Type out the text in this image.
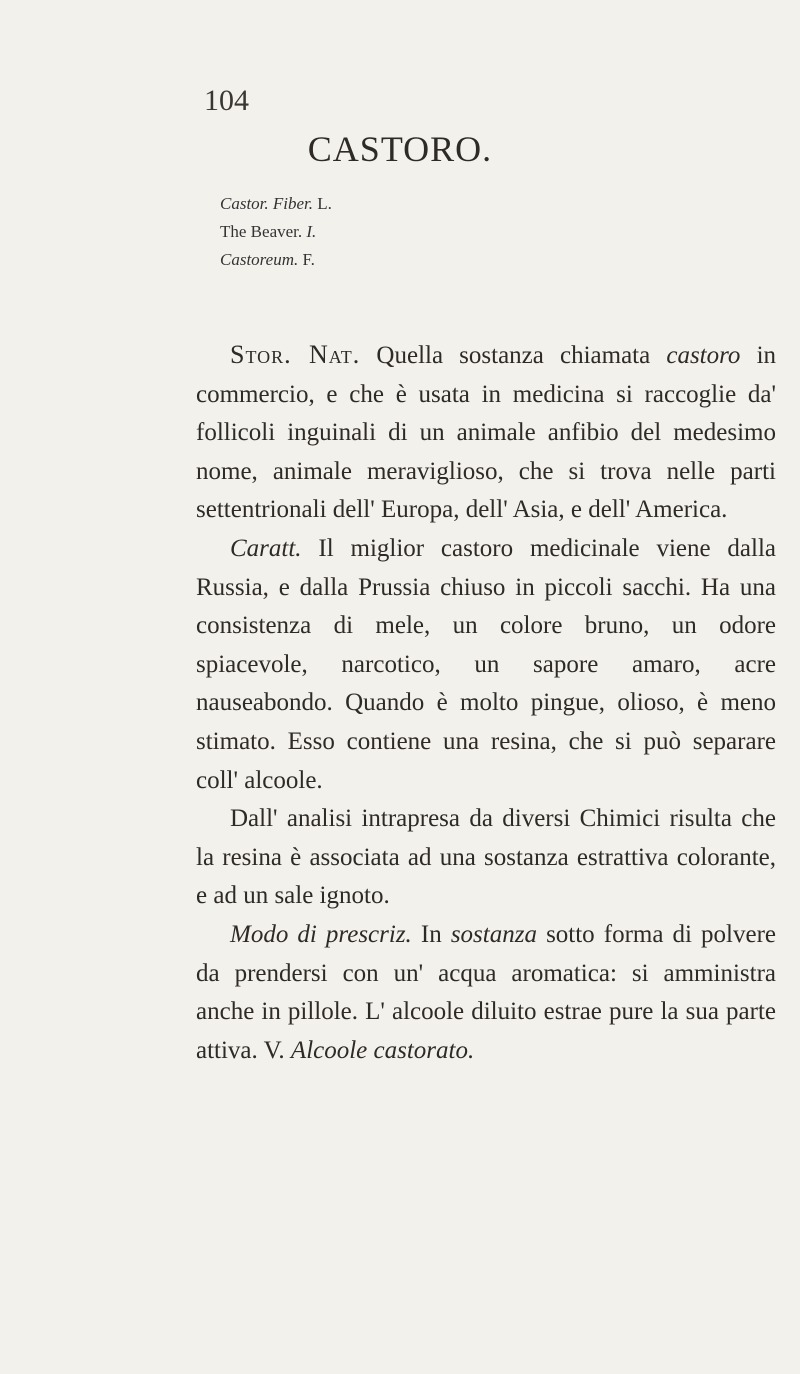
104
CASTORO.
Castor. Fiber. L.
The Beaver. I.
Castoreum. F.

Stor. Nat. Quella sostanza chiamata castoro in commercio, e che è usata in medicina si raccoglie da' follicoli inguinali di un animale anfibio del medesimo nome, animale meraviglioso, che si trova nelle parti settentrionali dell' Europa, dell' Asia, e dell' America.

Caratt. Il miglior castoro medicinale viene dalla Russia, e dalla Prussia chiuso in piccoli sacchi. Ha una consistenza di mele, un colore bruno, un odore spiacevole, narcotico, un sapore amaro, acre nauseabondo. Quando è molto pingue, olioso, è meno stimato. Esso contiene una resina, che si può separare coll' alcoole.

Dall' analisi intrapresa da diversi Chimici risulta che la resina è associata ad una sostanza estrattiva colorante, e ad un sale ignoto.

Modo di prescriz. In sostanza sotto forma di polvere da prendersi con un' acqua aromatica: si amministra anche in pillole. L' alcoole diluito estrae pure la sua parte attiva. V. Alcoole castorato.
